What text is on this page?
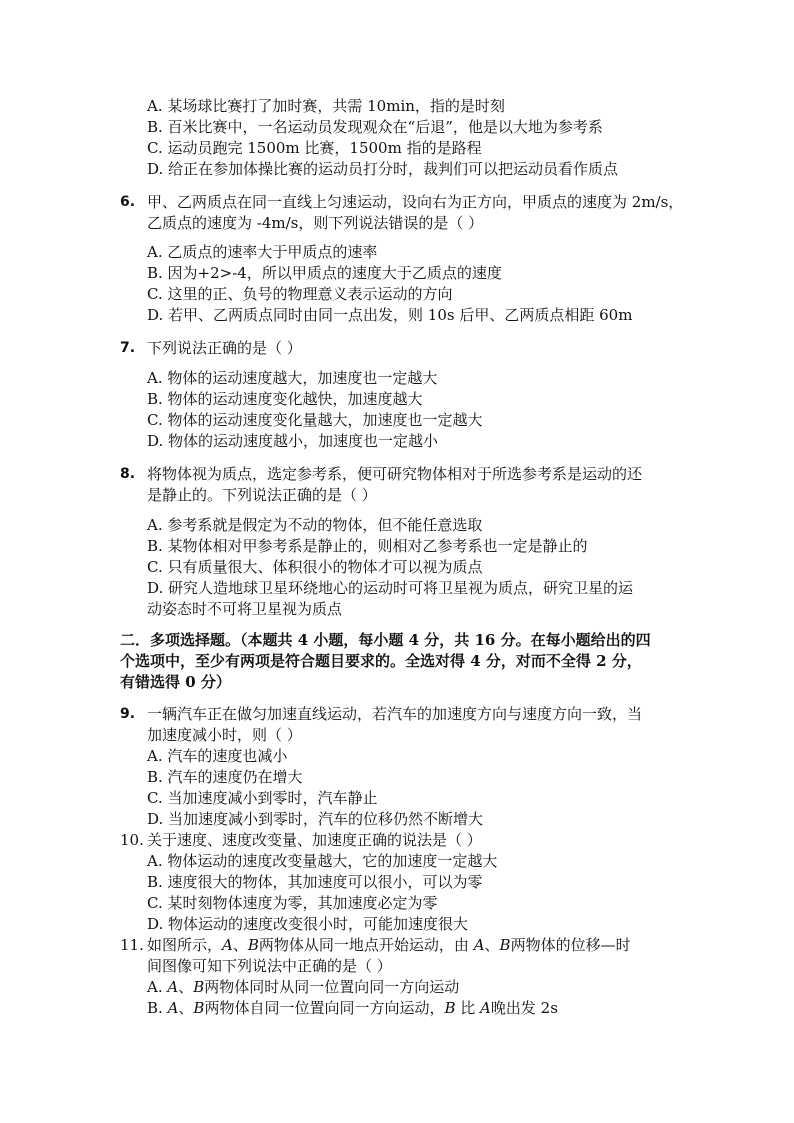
A. 某场球比赛打了加时赛，共需 10min，指的是时刻
B. 百米比赛中，一名运动员发现观众在“后退”，他是以大地为参考系
C. 运动员跑完 1500m 比赛，1500m 指的是路程
D. 给正在参加体操比赛的运动员打分时，裁判们可以把运动员看作质点
6. 甲、乙两质点在同一直线上匀速运动，设向右为正方向，甲质点的速度为 2m/s，
乙质点的速度为 -4m/s，则下列说法错误的是（ ）
A. 乙质点的速率大于甲质点的速率
B. 因为+2>-4，所以甲质点的速度大于乙质点的速度
C. 这里的正、负号的物理意义表示运动的方向
D. 若甲、乙两质点同时由同一点出发，则 10s 后甲、乙两质点相距 60m
7. 下列说法正确的是（ ）
A. 物体的运动速度越大，加速度也一定越大
B. 物体的运动速度变化越快，加速度越大
C. 物体的运动速度变化量越大，加速度也一定越大
D. 物体的运动速度越小，加速度也一定越小
8. 将物体视为质点，选定参考系，便可研究物体相对于所选参考系是运动的还
是静止的。下列说法正确的是（ ）
A. 参考系就是假定为不动的物体，但不能任意选取
B. 某物体相对甲参考系是静止的，则相对乙参考系也一定是静止的
C. 只有质量很大、体积很小的物体才可以视为质点
D. 研究人造地球卫星环绕地心的运动时可将卫星视为质点，研究卫星的运
动姿态时不可将卫星视为质点
二．多项选择题。（本题共 4 小题，每小题 4 分，共 16 分。在每小题给出的四
个选项中，至少有两项是符合题目要求的。全选对得 4 分，对而不全得 2 分，
有错选得 0 分）
9. 一辆汽车正在做匀加速直线运动，若汽车的加速度方向与速度方向一致，当
加速度减小时，则（ ）
A. 汽车的速度也减小
B. 汽车的速度仍在增大
C. 当加速度减小到零时，汽车静止
D. 当加速度减小到零时，汽车的位移仍然不断增大
10. 关于速度、速度改变量、加速度正确的说法是（ ）
A. 物体运动的速度改变量越大，它的加速度一定越大
B. 速度很大的物体，其加速度可以很小，可以为零
C. 某时刻物体速度为零，其加速度必定为零
D. 物体运动的速度改变很小时，可能加速度很大
11. 如图所示，A、B两物体从同一地点开始运动，由 A、B两物体的位移—时
间图像可知下列说法中正确的是（ ）
A. A、B两物体同时从同一位置向同一方向运动
B. A、B两物体自同一位置向同一方向运动，B 比 A晚出发 2s
